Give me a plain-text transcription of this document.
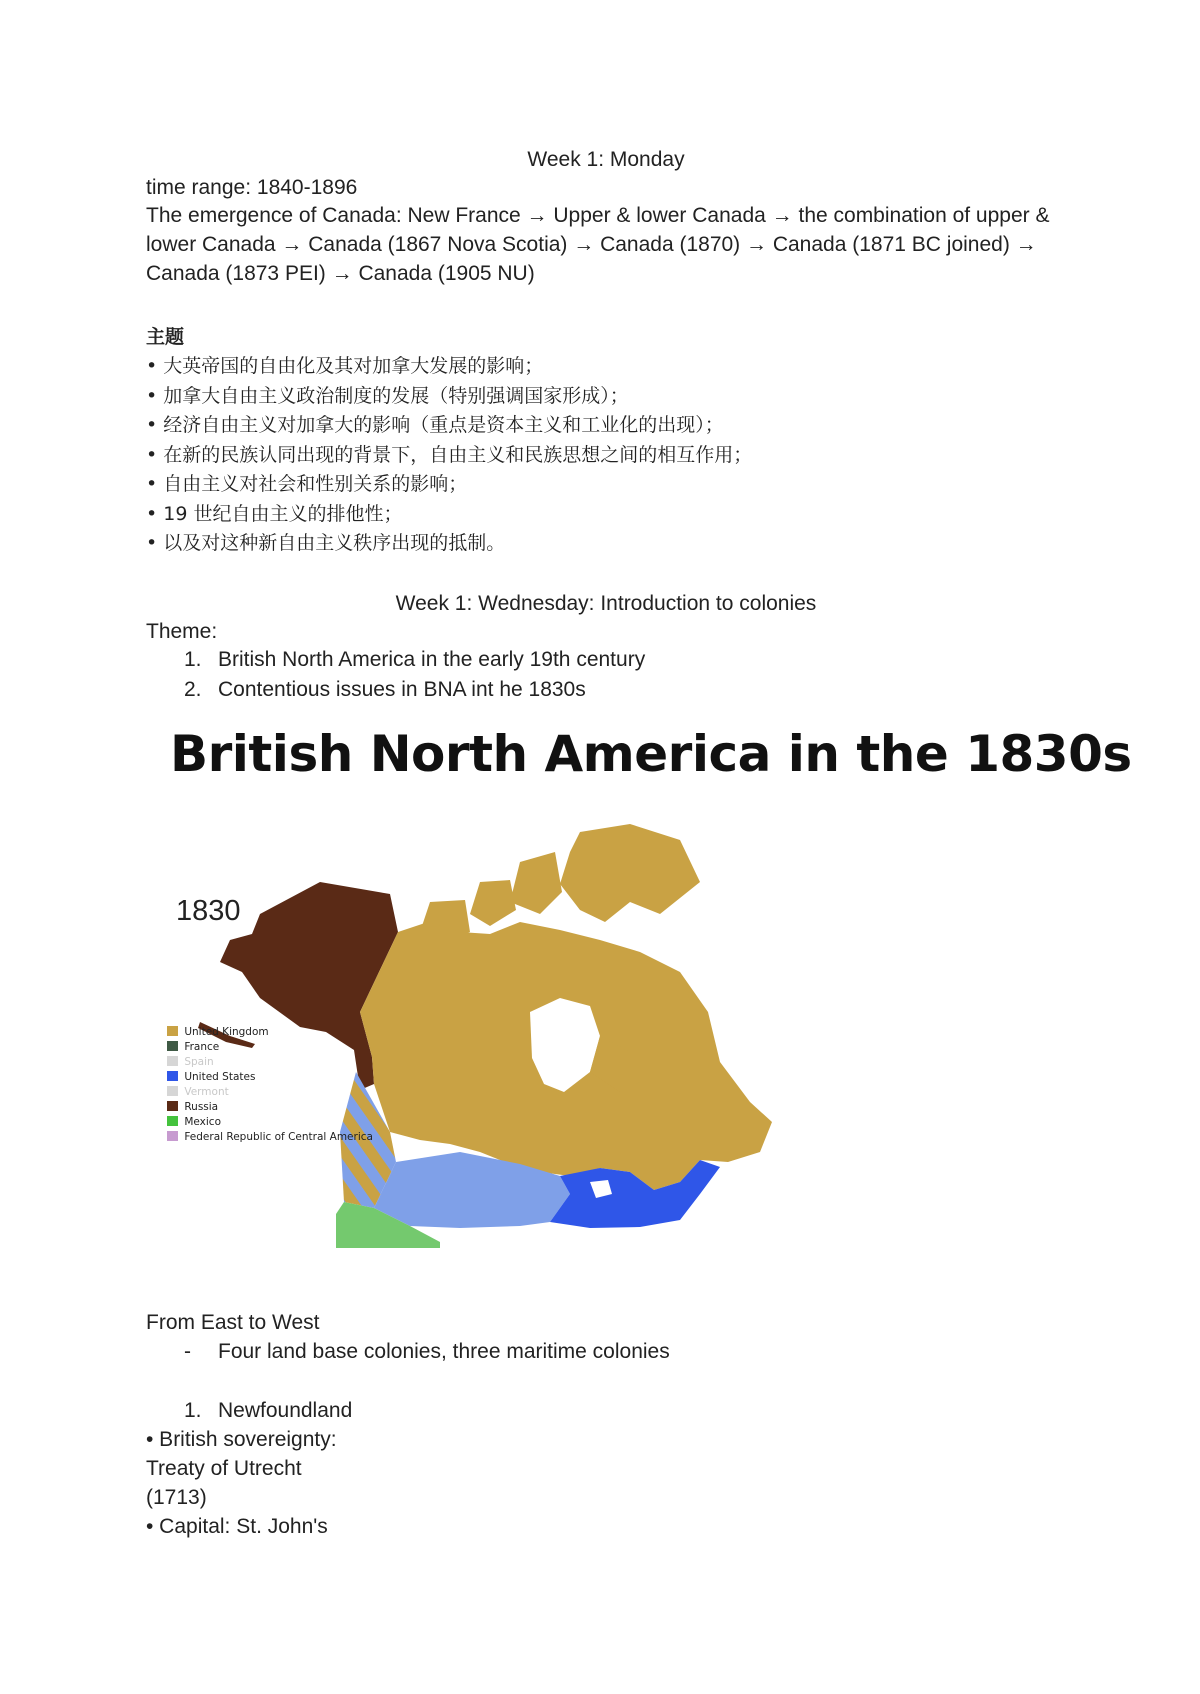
Week 1: Monday

time range: 1840-1896

The emergence of Canada: New France → Upper & lower Canada → the combination of upper & lower Canada → Canada (1867 Nova Scotia) → Canada (1870) → Canada (1871 BC joined) → Canada (1873 PEI) → Canada (1905 NU)

主题
• 大英帝国的自由化及其对加拿大发展的影响；
• 加拿大自由主义政治制度的发展（特别强调国家形成）；
• 经济自由主义对加拿大的影响（重点是资本主义和工业化的出现）；
• 在新的民族认同出现的背景下，自由主义和民族思想之间的相互作用；
• 自由主义对社会和性别关系的影响；
• 19 世纪自由主义的排他性；
• 以及对这种新自由主义秩序出现的抵制。
Week 1: Wednesday: Introduction to colonies

Theme:

1. British North America in the early 19th century
2. Contentious issues in BNA int he 1830s
British North America in the 1830s

From East to West

- Four land base colonies, three maritime colonies
1. Newfoundland
• British sovereignty:
Treaty of Utrecht
(1713)
• Capital: St. John's
1830
United Kingdom
France
Spain
United States
Vermont
Russia
Mexico
Federal Republic of Central America
